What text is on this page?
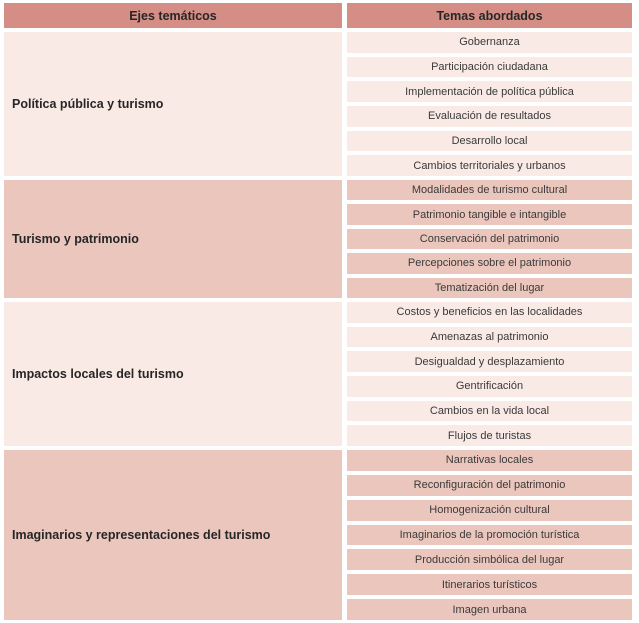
Ejes temáticos	Temas abordados
Política pública y turismo
Gobernanza
Participación ciudadana
Implementación de política pública
Evaluación de resultados
Desarrollo local
Cambios territoriales y urbanos
Turismo y patrimonio
Modalidades de turismo cultural
Patrimonio tangible e intangible
Conservación del patrimonio
Percepciones sobre el patrimonio
Tematización del lugar
Impactos locales del turismo
Costos y beneficios en las localidades
Amenazas al patrimonio
Desigualdad y desplazamiento
Gentrificación
Cambios en la vida local
Flujos de turistas
Imaginarios y representaciones del turismo
Narrativas locales
Reconfiguración del patrimonio
Homogenización cultural
Imaginarios de la promoción turística
Producción simbólica del lugar
Itinerarios turísticos
Imagen urbana
